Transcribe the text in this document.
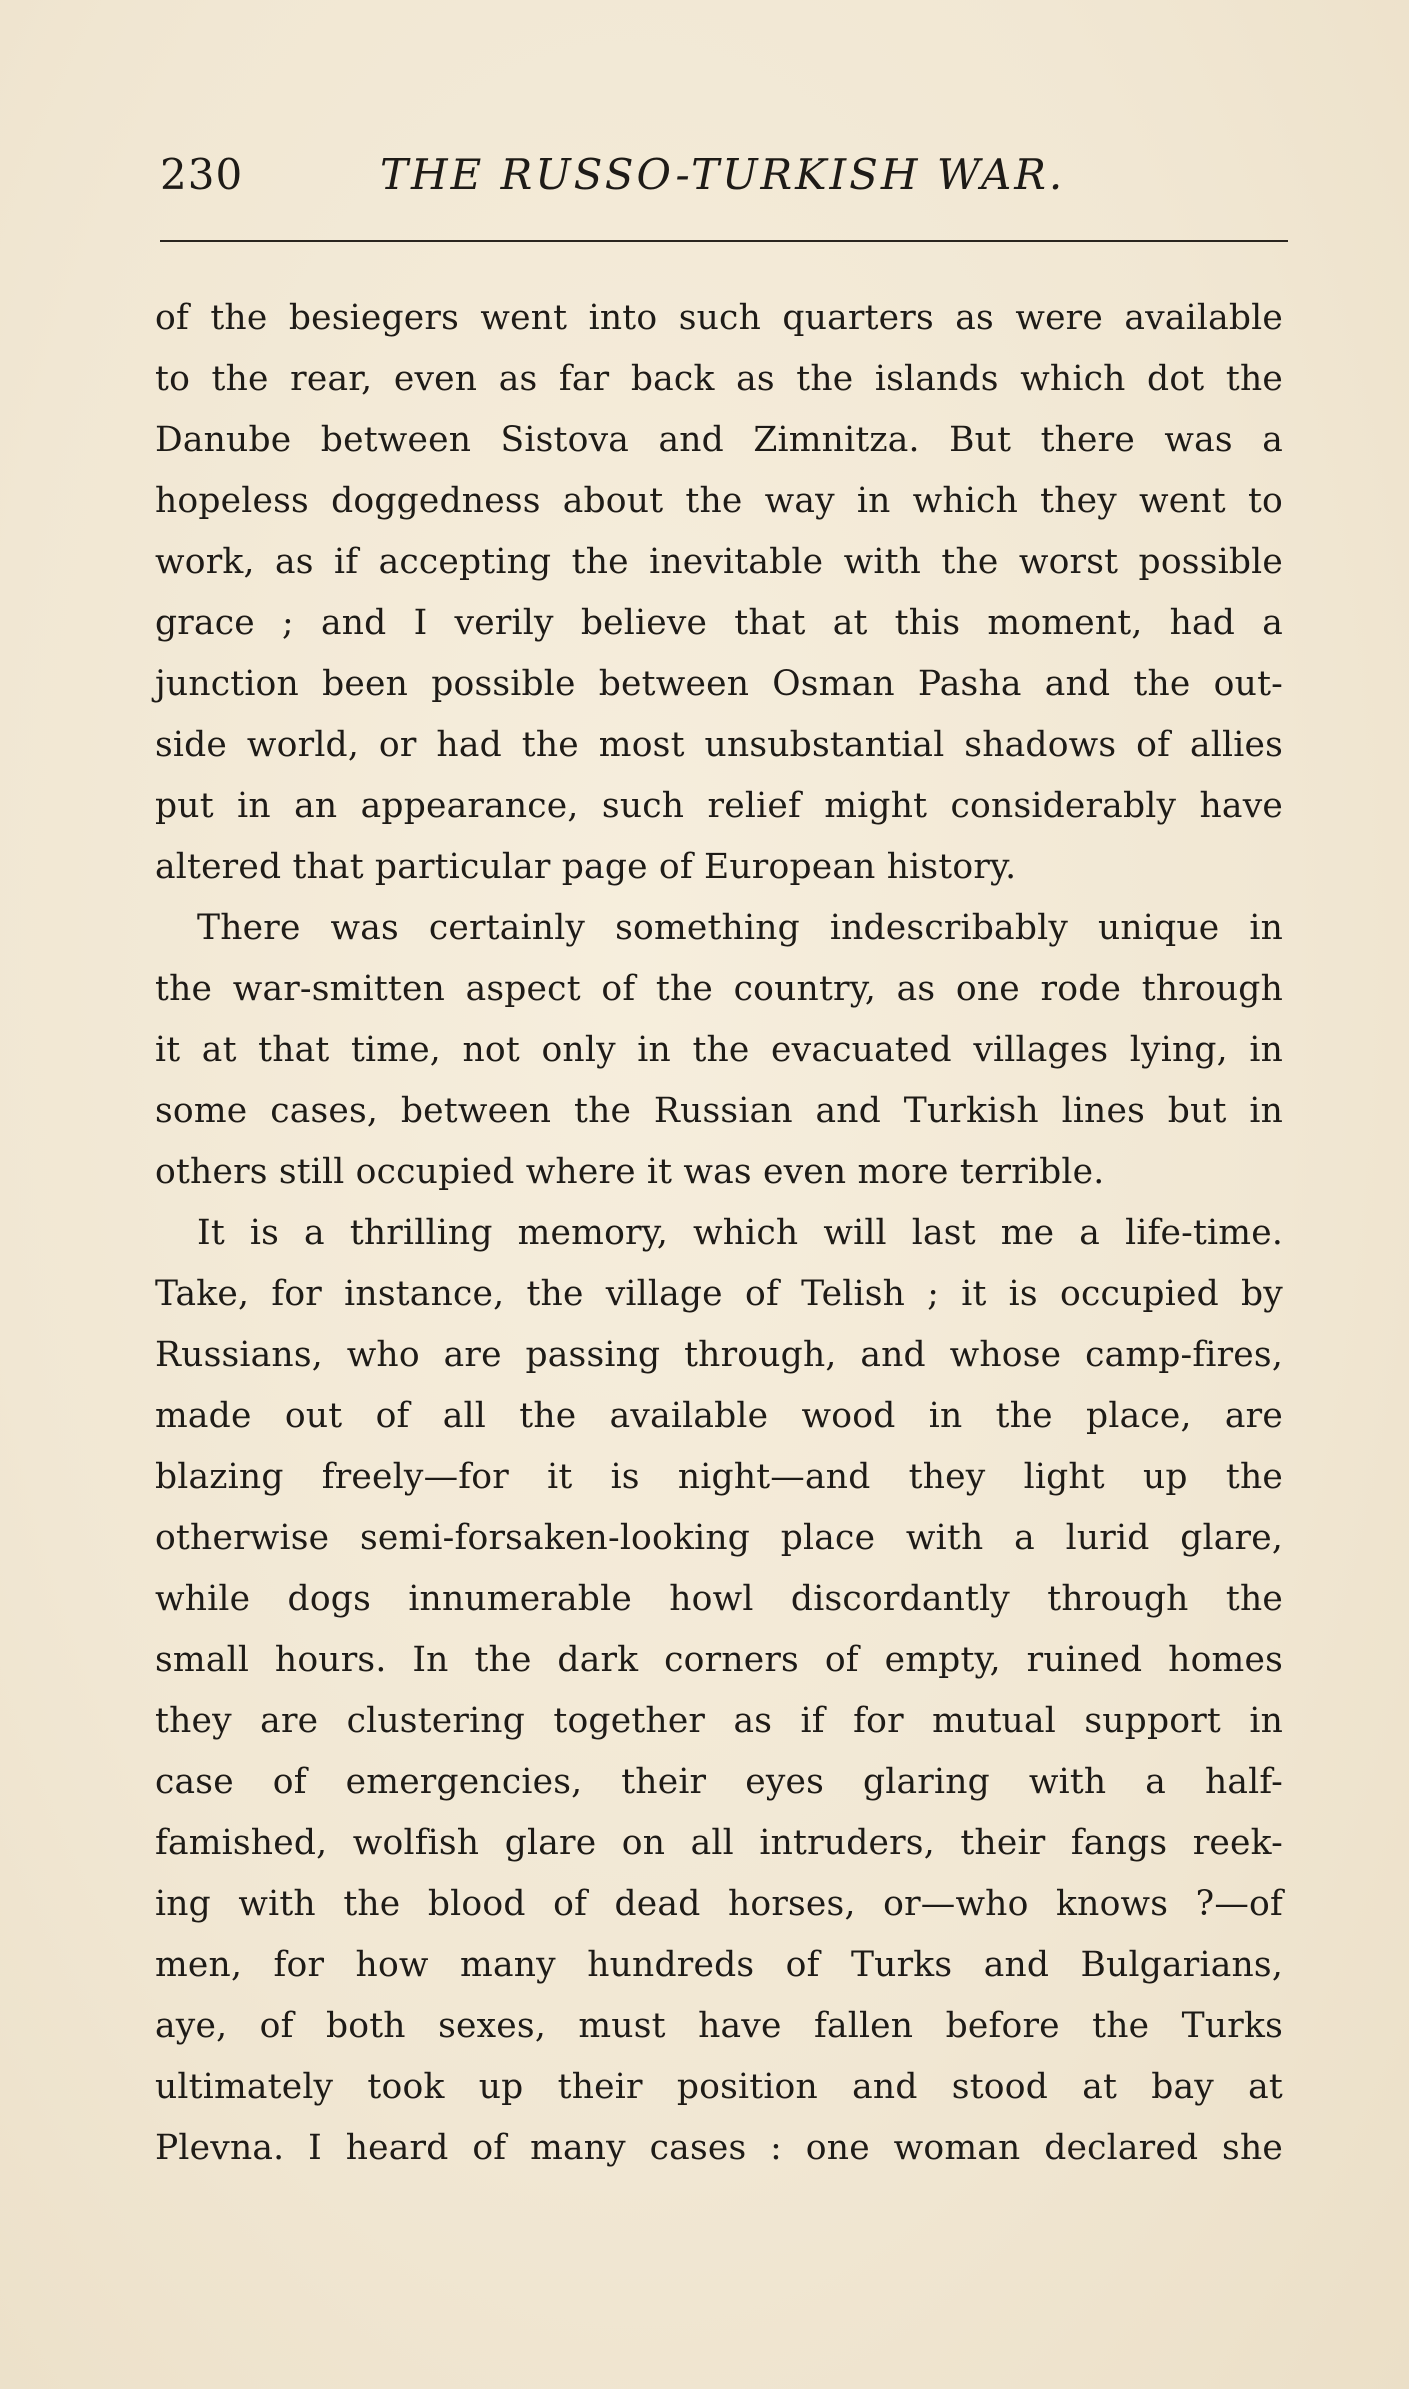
230	THE RUSSO-TURKISH WAR.
of the besiegers went into such quarters as were available
to the rear, even as far back as the islands which dot the
Danube between Sistova and Zimnitza. But there was a
hopeless doggedness about the way in which they went to
work, as if accepting the inevitable with the worst possible
grace ; and I verily believe that at this moment, had a
junction been possible between Osman Pasha and the out-
side world, or had the most unsubstantial shadows of allies
put in an appearance, such relief might considerably have
altered that particular page of European history.
There was certainly something indescribably unique in
the war-smitten aspect of the country, as one rode through
it at that time, not only in the evacuated villages lying, in
some cases, between the Russian and Turkish lines but in
others still occupied where it was even more terrible.
It is a thrilling memory, which will last me a life-time.
Take, for instance, the village of Telish ; it is occupied by
Russians, who are passing through, and whose camp-fires,
made out of all the available wood in the place, are
blazing freely—for it is night—and they light up the
otherwise semi-forsaken-looking place with a lurid glare,
while dogs innumerable howl discordantly through the
small hours. In the dark corners of empty, ruined homes
they are clustering together as if for mutual support in
case of emergencies, their eyes glaring with a half-
famished, wolfish glare on all intruders, their fangs reek-
ing with the blood of dead horses, or—who knows ?—of
men, for how many hundreds of Turks and Bulgarians,
aye, of both sexes, must have fallen before the Turks
ultimately took up their position and stood at bay at
Plevna. I heard of many cases : one woman declared she
